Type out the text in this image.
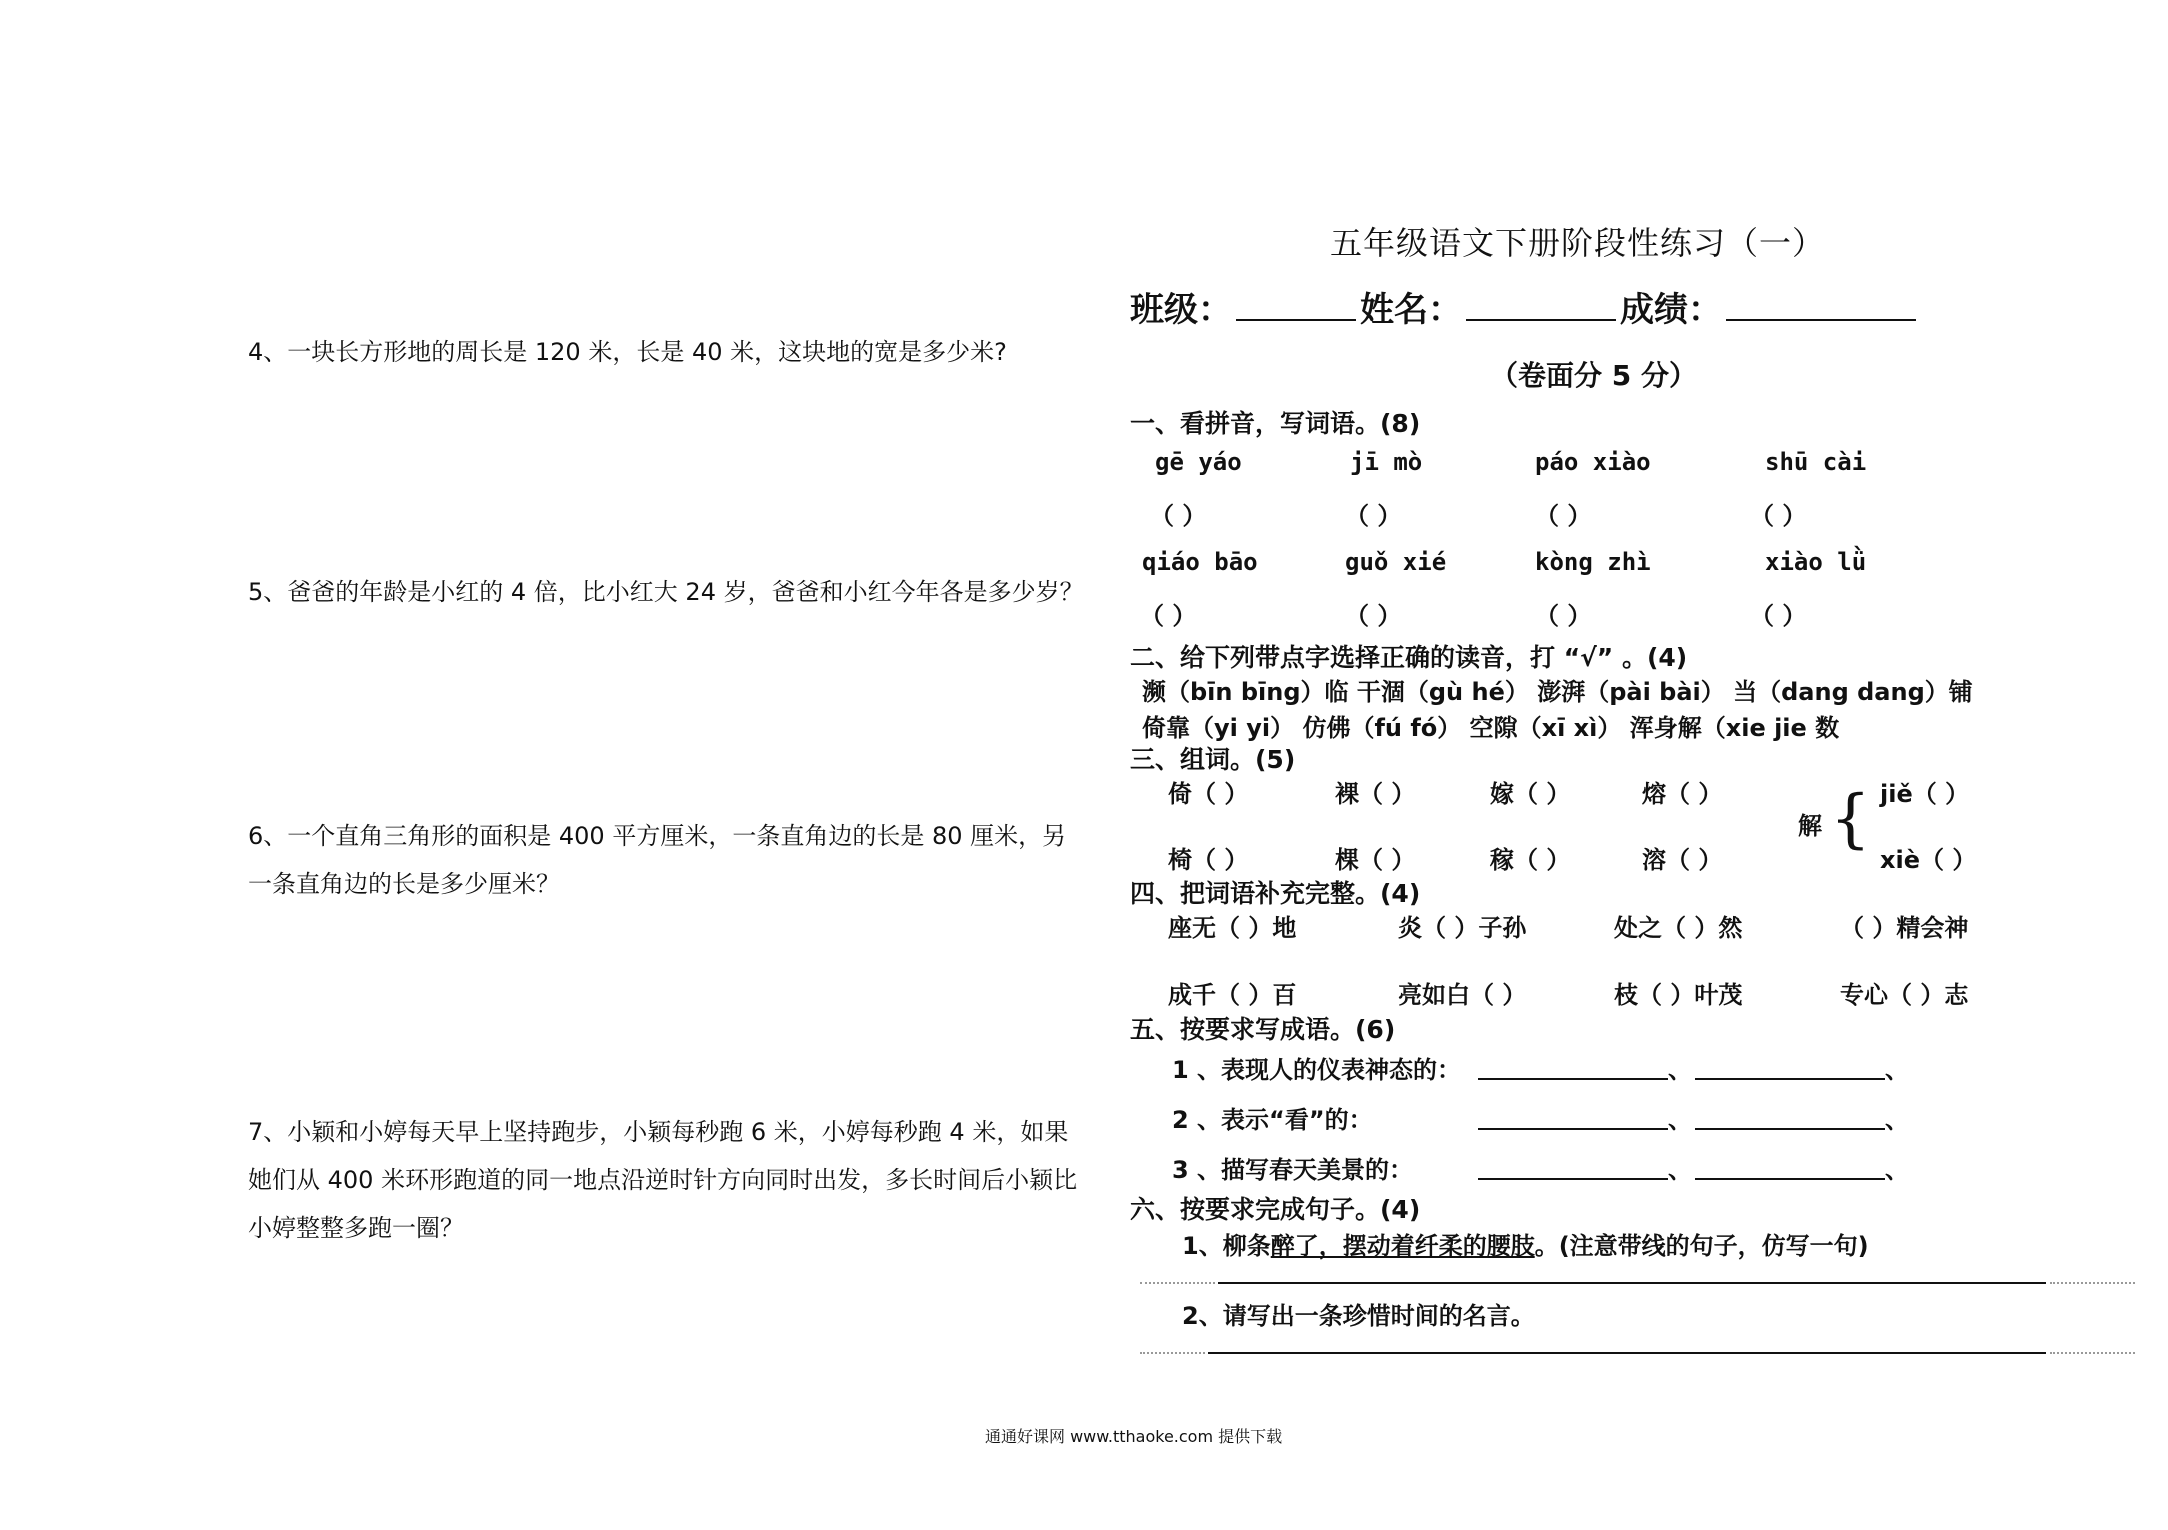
4、一块长方形地的周长是 120 米，长是 40 米，这块地的宽是多少米?
5、爸爸的年龄是小红的 4 倍，比小红大 24 岁，爸爸和小红今年各是多少岁？
6、一个直角三角形的面积是 400 平方厘米，一条直角边的长是 80 厘米，另一条直角边的长是多少厘米？
7、小颖和小婷每天早上坚持跑步，小颖每秒跑 6 米，小婷每秒跑 4 米，如果她们从 400 米环形跑道的同一地点沿逆时针方向同时出发，多长时间后小颖比小婷整整多跑一圈？
五年级语文下册阶段性练习（一）
班级：	姓名：	成绩：
（卷面分 5 分）
一、看拼音，写词语。(8)
gē yáo	jī mò	páo xiào	shū cài
（ ）	（ ）	（ ）	（ ）
qiáo bāo	guǒ xié	kòng zhì	xiào lǜ
（ ）	（ ）	（ ）	（ ）
二、给下列带点字选择正确的读音，打 “√” 。(4)
濒（bīn bīng）临 干涸（gù hé） 澎湃（pài bài） 当（dang dang）铺
倚靠（yi yi） 仿佛（fú fó） 空隙（xī xì） 浑身解（xie jie 数
三、组词。(5)
倚（ ）	裸（ ）	嫁（ ）	熔（ ）
椅（ ）	棵（ ）	稼（ ）	溶（ ）
解 { jiě（ ）
xiè（ ）
四、把词语补充完整。(4)
座无（ ）地	炎（ ）子孙	处之（ ）然	（ ）精会神
成千（ ）百	亮如白（ ）	枝（ ）叶茂	专心（ ）志
五、按要求写成语。(6)
1 、表现人的仪表神态的：	、	、
2 、表示“看”的：	、	、
3 、描写春天美景的：	、	、
六、按要求完成句子。(4)
1、柳条醉了，摆动着纤柔的腰肢。(注意带线的句子，仿写一句)
2、请写出一条珍惜时间的名言。
通通好课网 www.tthaoke.com 提供下载
